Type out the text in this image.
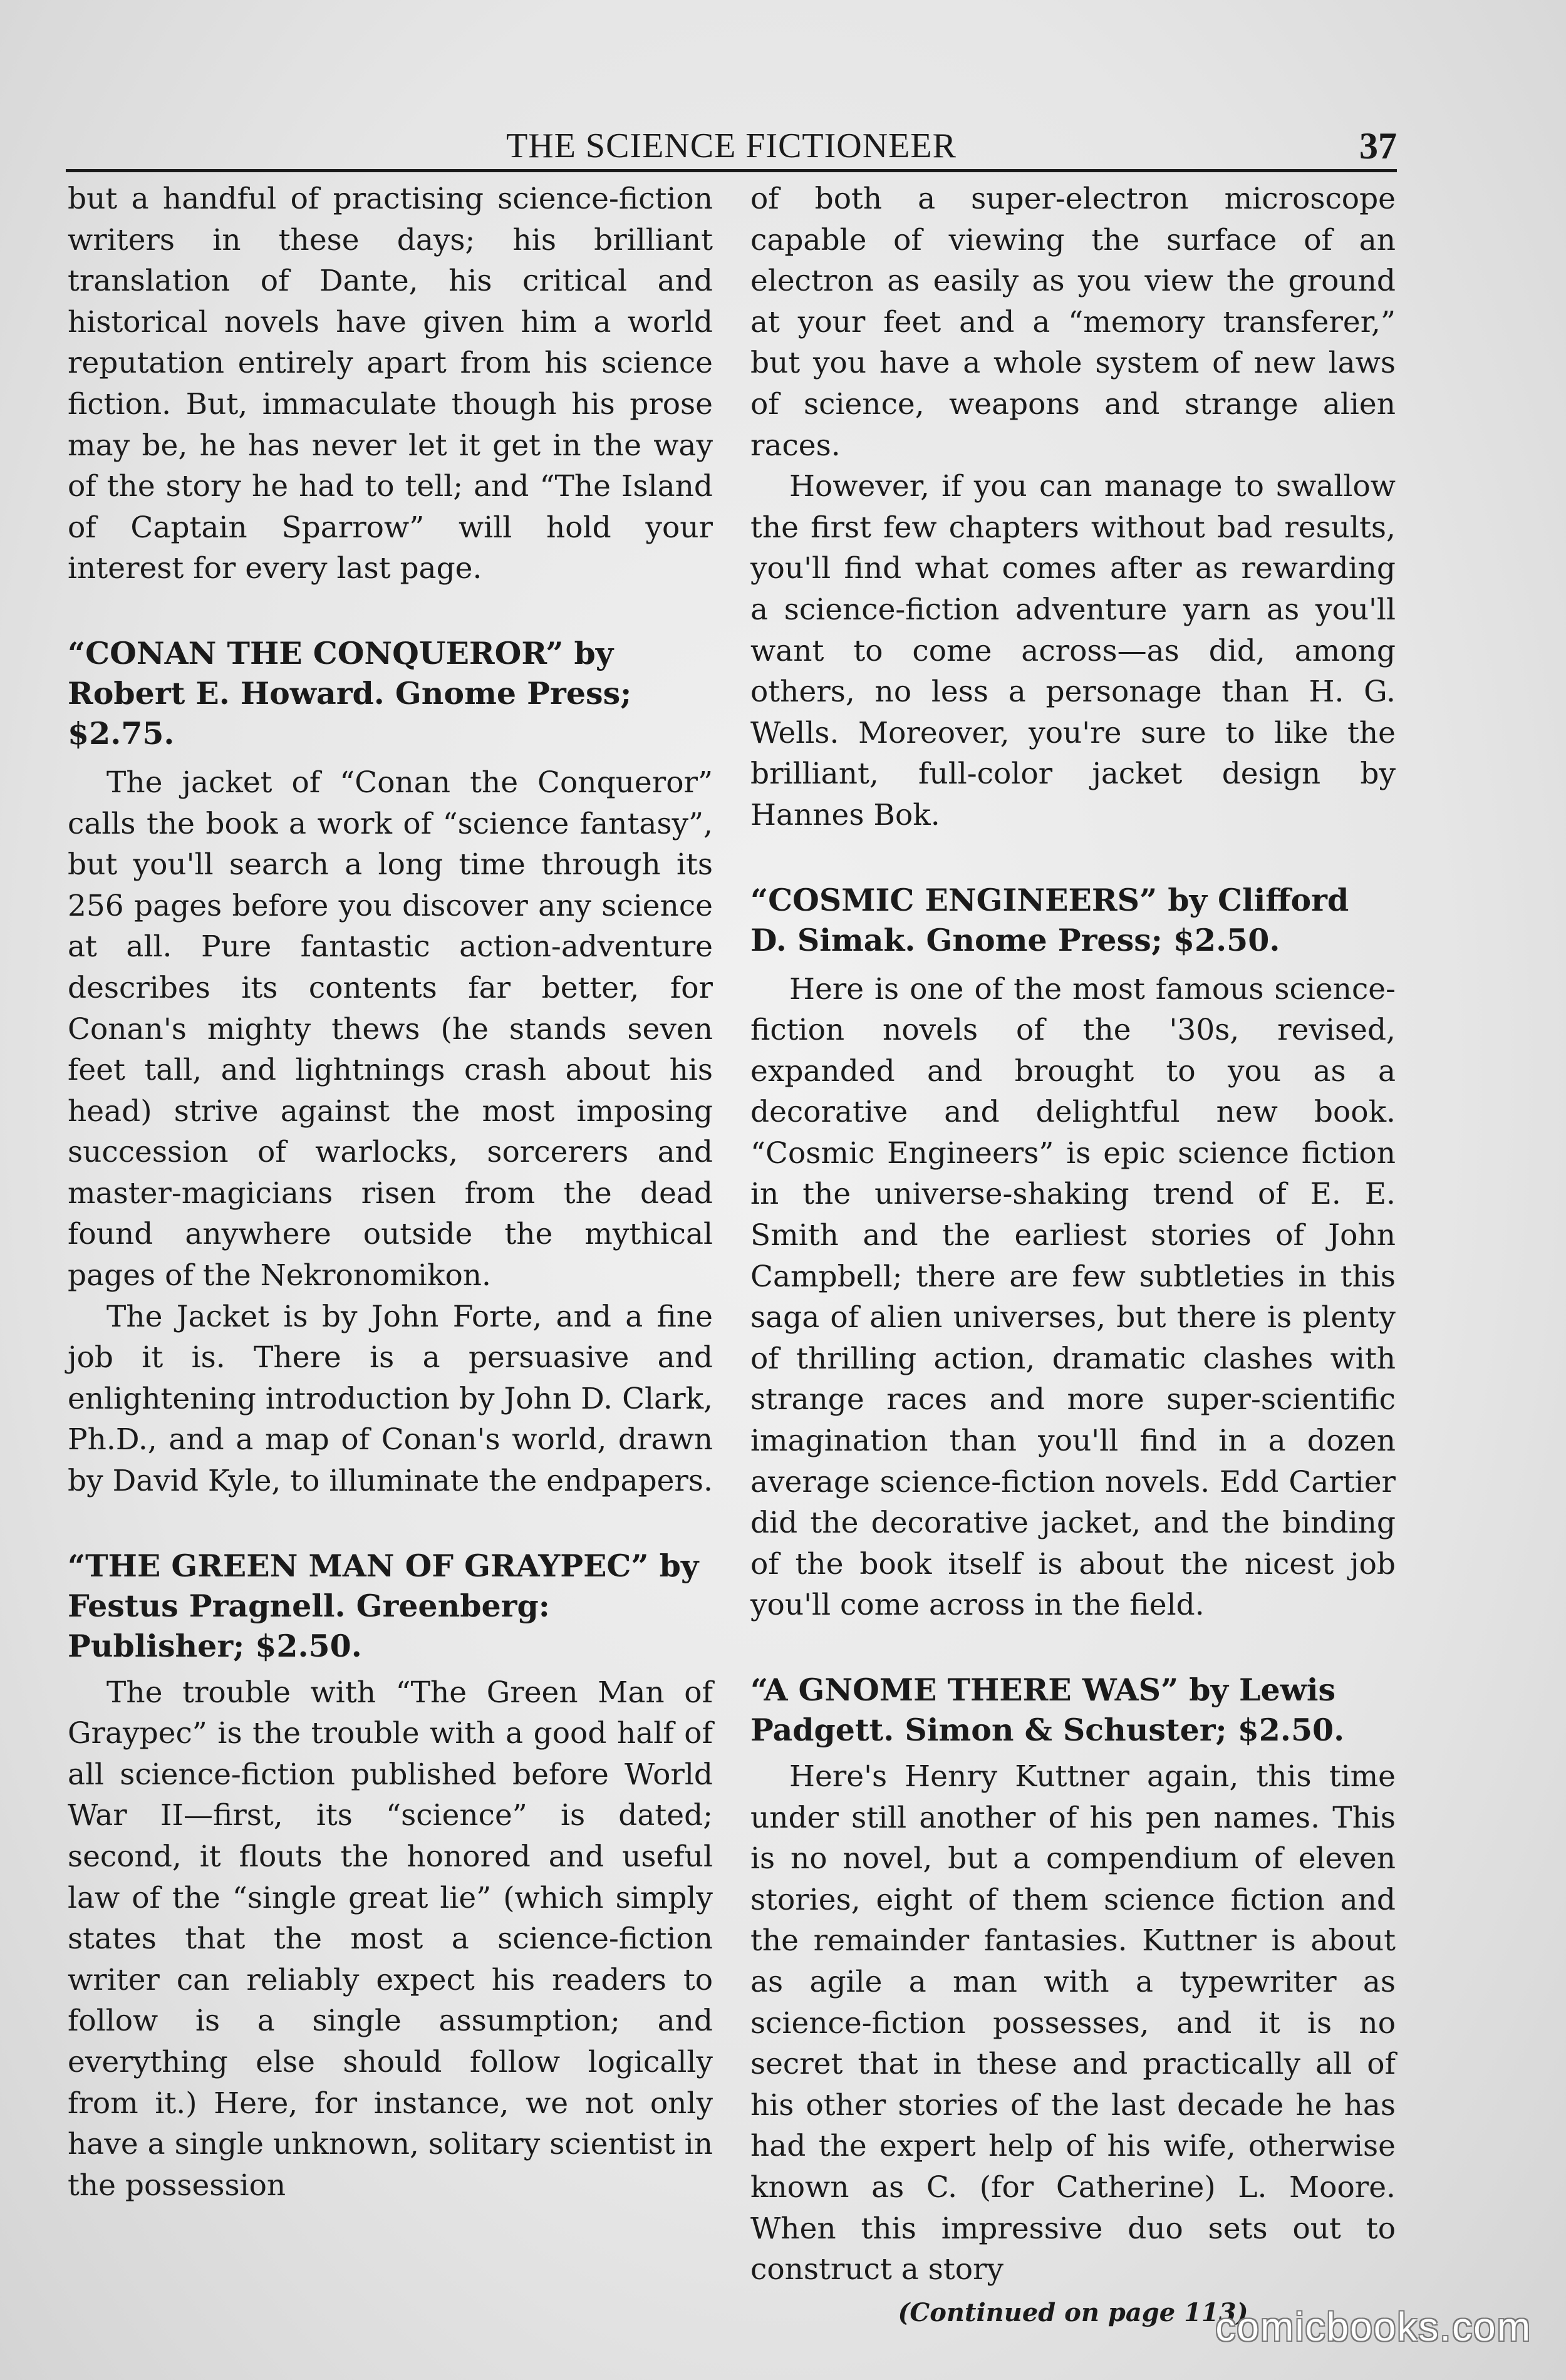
THE SCIENCE FICTIONEER	37

but a handful of practising science-fiction writers in these days; his brilliant translation of Dante, his critical and historical novels have given him a world reputation entirely apart from his science fiction. But, immaculate though his prose may be, he has never let it get in the way of the story he had to tell; and “The Island of Captain Sparrow” will hold your interest for every last page.

“CONAN THE CONQUEROR” by Robert E. Howard. Gnome Press; $2.75.

The jacket of “Conan the Conqueror” calls the book a work of “science fantasy”, but you'll search a long time through its 256 pages before you discover any science at all. Pure fantastic action-adventure describes its contents far better, for Conan's mighty thews (he stands seven feet tall, and lightnings crash about his head) strive against the most imposing succession of warlocks, sorcerers and master-magicians risen from the dead found anywhere outside the mythical pages of the Nekronomikon.

The Jacket is by John Forte, and a fine job it is. There is a persuasive and enlightening introduction by John D. Clark, Ph.D., and a map of Conan's world, drawn by David Kyle, to illuminate the endpapers.

“THE GREEN MAN OF GRAYPEC” by Festus Pragnell. Greenberg: Publisher; $2.50.

The trouble with “The Green Man of Graypec” is the trouble with a good half of all science-fiction published before World War II—first, its “science” is dated; second, it flouts the honored and useful law of the “single great lie” (which simply states that the most a science-fiction writer can reliably expect his readers to follow is a single assumption; and everything else should follow logically from it.) Here, for instance, we not only have a single unknown, solitary scientist in the possession

of both a super-electron microscope capable of viewing the surface of an electron as easily as you view the ground at your feet and a “memory transferer,” but you have a whole system of new laws of science, weapons and strange alien races.

However, if you can manage to swallow the first few chapters without bad results, you'll find what comes after as rewarding a science-fiction adventure yarn as you'll want to come across—as did, among others, no less a personage than H. G. Wells. Moreover, you're sure to like the brilliant, full-color jacket design by Hannes Bok.

“COSMIC ENGINEERS” by Clifford D. Simak. Gnome Press; $2.50.

Here is one of the most famous science-fiction novels of the '30s, revised, expanded and brought to you as a decorative and delightful new book. “Cosmic Engineers” is epic science fiction in the universe-shaking trend of E. E. Smith and the earliest stories of John Campbell; there are few subtleties in this saga of alien universes, but there is plenty of thrilling action, dramatic clashes with strange races and more super-scientific imagination than you'll find in a dozen average science-fiction novels. Edd Cartier did the decorative jacket, and the binding of the book itself is about the nicest job you'll come across in the field.

“A GNOME THERE WAS” by Lewis Padgett. Simon & Schuster; $2.50.

Here's Henry Kuttner again, this time under still another of his pen names. This is no novel, but a compendium of eleven stories, eight of them science fiction and the remainder fantasies. Kuttner is about as agile a man with a typewriter as science-fiction possesses, and it is no secret that in these and practically all of his other stories of the last decade he has had the expert help of his wife, otherwise known as C. (for Catherine) L. Moore. When this impressive duo sets out to construct a story

(Continued on page 113)
comicbooks.com
